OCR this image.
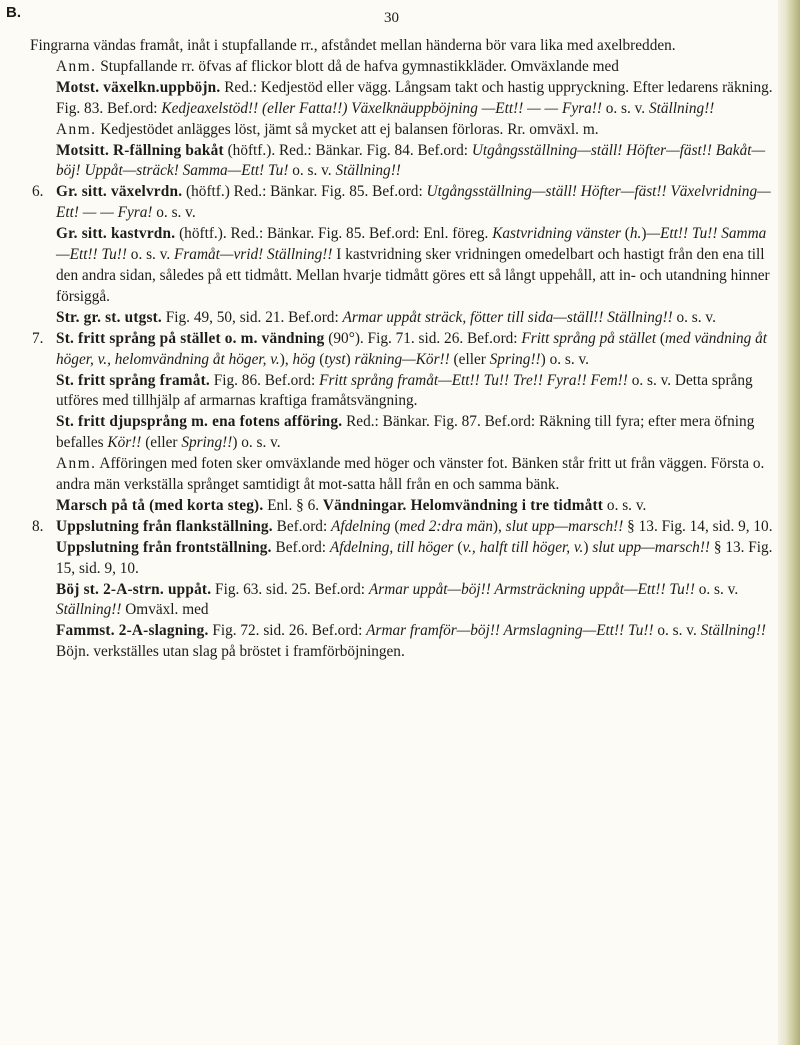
B.	30

Fingrarna vändas framåt, inåt i stupfallande rr., afståndet mellan händerna bör vara lika med axelbredden.

Anm. Stupfallande rr. öfvas af flickor blott då de hafva gymnastikkläder. Omväxlande med

Motst. växelkn.uppböjn. Red.: Kedjestöd eller vägg. Långsam takt och hastig uppryckning. Efter ledarens räkning. Fig. 83. Bef.ord: Kedjeaxelstöd!! (eller Fatta!!) Växelknäuppböjning —Ett!! — — Fyra!! o. s. v. Ställning!!

Anm. Kedjestödet anlägges löst, jämt så mycket att ej balansen förloras. Rr. omväxl. m.

Motsitt. R-fällning bakåt (höftf.). Red.: Bänkar. Fig. 84. Bef.ord: Utgångsställning—ställ! Höfter—fäst!! Bakåt—böj! Uppåt—sträck! Samma—Ett! Tu! o. s. v. Ställning!!

6. Gr. sitt. växelvrdn. (höftf.) Red.: Bänkar. Fig. 85. Bef.ord: Utgångsställning—ställ! Höfter—fäst!! Växelvridning—Ett! — — Fyra! o. s. v.

Gr. sitt. kastvrdn. (höftf.). Red.: Bänkar. Fig. 85. Bef.ord: Enl. föreg. Kastvridning vänster (h.)—Ett!! Tu!! Samma—Ett!! Tu!! o. s. v. Framåt—vrid! Ställning!! I kastvridning sker vridningen omedelbart och hastigt från den ena till den andra sidan, således på ett tidmått. Mellan hvarje tidmått göres ett så långt uppehåll, att in- och utandning hinner försiggå.

Str. gr. st. utgst. Fig. 49, 50, sid. 21. Bef.ord: Armar uppåt sträck, fötter till sida—ställ!! Ställning!! o. s. v.

7. St. fritt språng på stället o. m. vändning (90°). Fig. 71. sid. 26. Bef.ord: Fritt språng på stället (med vändning åt höger, v., helomvändning åt höger, v.), hög (tyst) räkning—Kör!! (eller Spring!!) o. s. v.

St. fritt språng framåt. Fig. 86. Bef.ord: Fritt språng framåt—Ett!! Tu!! Tre!! Fyra!! Fem!! o. s. v. Detta språng utföres med tillhjälp af armarnas kraftiga framåtsvängning.

St. fritt djupsprång m. ena fotens afföring. Red.: Bänkar. Fig. 87. Bef.ord: Räkning till fyra; efter mera öfning befalles Kör!! (eller Spring!!) o. s. v.

Anm. Afföringen med foten sker omväxlande med höger och vänster fot. Bänken står fritt ut från väggen. Första o. andra män verkställa språnget samtidigt åt mot-satta håll från en och samma bänk.

Marsch på tå (med korta steg). Enl. § 6. Vändningar. Helomvändning i tre tidmått o. s. v.

8. Uppslutning från flankställning. Bef.ord: Afdelning (med 2:dra män), slut upp—marsch!! § 13. Fig. 14, sid. 9, 10.

Uppslutning från frontställning. Bef.ord: Afdelning, till höger (v., halft till höger, v.) slut upp—marsch!! § 13. Fig. 15, sid. 9, 10.

Böj st. 2-A-strn. uppåt. Fig. 63. sid. 25. Bef.ord: Armar uppåt—böj!! Armsträckning uppåt—Ett!! Tu!! o. s. v. Ställning!! Omväxl. med

Fammst. 2-A-slagning. Fig. 72. sid. 26. Bef.ord: Armar framför—böj!! Armslagning—Ett!! Tu!! o. s. v. Ställning!! Böjn. verkställes utan slag på bröstet i framförböjningen.
